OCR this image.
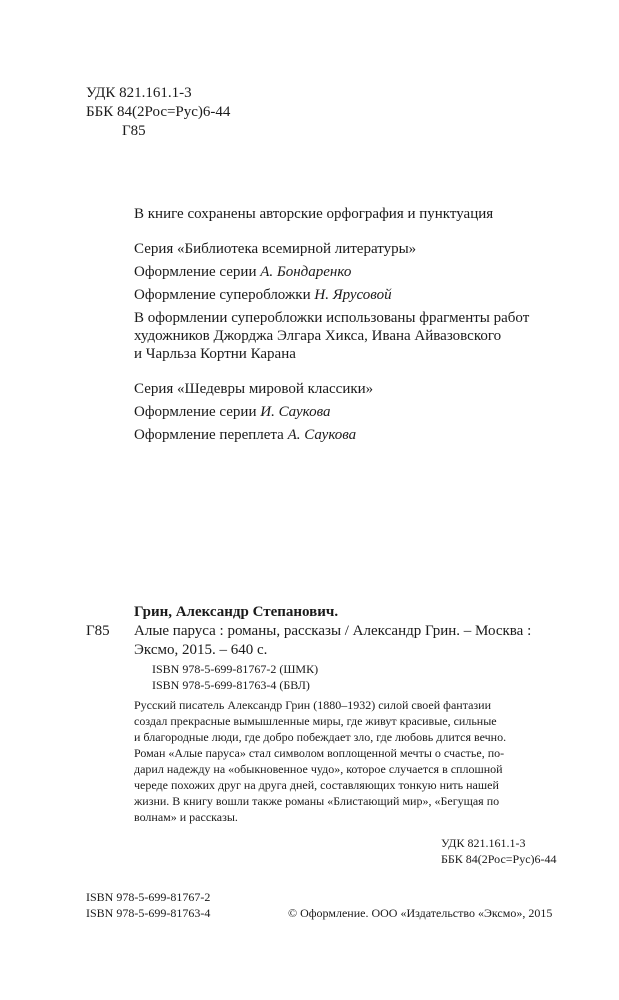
УДК 821.161.1-3
ББК 84(2Рос=Рус)6-44
Г85
В книге сохранены авторские орфография и пунктуация
Серия «Библиотека всемирной литературы»
Оформление серии А. Бондаренко
Оформление суперобложки Н. Ярусовой
В оформлении суперобложки использованы фрагменты работ
художников Джорджа Элгара Хикса, Ивана Айвазовского
и Чарльза Кортни Карана
Серия «Шедевры мировой классики»
Оформление серии И. Саукова
Оформление переплета А. Саукова
Грин, Александр Степанович.
Г85 Алые паруса : романы, рассказы / Александр Грин. – Москва :
Эксмо, 2015. – 640 с.
ISBN 978-5-699-81767-2 (ШМК)
ISBN 978-5-699-81763-4 (БВЛ)
Русский писатель Александр Грин (1880–1932) силой своей фантазии
создал прекрасные вымышленные миры, где живут красивые, сильные
и благородные люди, где добро побеждает зло, где любовь длится вечно.
Роман «Алые паруса» стал символом воплощенной мечты о счастье, по-
дарил надежду на «обыкновенное чудо», которое случается в сплошной
череде похожих друг на друга дней, составляющих тонкую нить нашей
жизни. В книгу вошли также романы «Блистающий мир», «Бегущая по
волнам» и рассказы.
УДК 821.161.1-3
ББК 84(2Рос=Рус)6-44
ISBN 978-5-699-81767-2
ISBN 978-5-699-81763-4	© Оформление. ООО «Издательство «Эксмо», 2015
